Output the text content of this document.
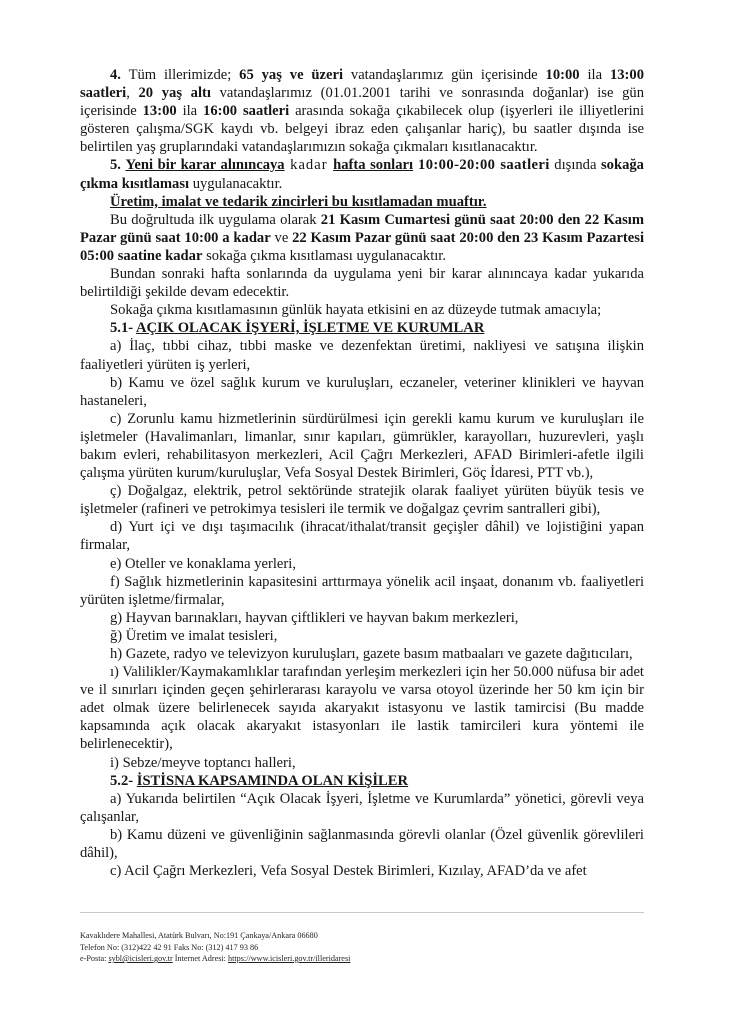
4. Tüm illerimizde; 65 yaş ve üzeri vatandaşlarımız gün içerisinde 10:00 ila 13:00 saatleri, 20 yaş altı vatandaşlarımız (01.01.2001 tarihi ve sonrasında doğanlar) ise gün içerisinde 13:00 ila 16:00 saatleri arasında sokağa çıkabilecek olup (işyerleri ile illiyetlerini gösteren çalışma/SGK kaydı vb. belgeyi ibraz eden çalışanlar hariç), bu saatler dışında ise belirtilen yaş gruplarındaki vatandaşlarımızın sokağa çıkmaları kısıtlanacaktır.

5. Yeni bir karar alınıncaya kadar hafta sonları 10:00-20:00 saatleri dışında sokağa çıkma kısıtlaması uygulanacaktır.

Üretim, imalat ve tedarik zincirleri bu kısıtlamadan muaftır.

Bu doğrultuda ilk uygulama olarak 21 Kasım Cumartesi günü saat 20:00 den 22 Kasım Pazar günü saat 10:00 a kadar ve 22 Kasım Pazar günü saat 20:00 den 23 Kasım Pazartesi 05:00 saatine kadar sokağa çıkma kısıtlaması uygulanacaktır.

Bundan sonraki hafta sonlarında da uygulama yeni bir karar alınıncaya kadar yukarıda belirtildiği şekilde devam edecektir.

Sokağa çıkma kısıtlamasının günlük hayata etkisini en az düzeyde tutmak amacıyla;

5.1- AÇIK OLACAK İŞYERİ, İŞLETME VE KURUMLAR

a) İlaç, tıbbi cihaz, tıbbi maske ve dezenfektan üretimi, nakliyesi ve satışına ilişkin faaliyetleri yürüten iş yerleri,

b) Kamu ve özel sağlık kurum ve kuruluşları, eczaneler, veteriner klinikleri ve hayvan hastaneleri,

c) Zorunlu kamu hizmetlerinin sürdürülmesi için gerekli kamu kurum ve kuruluşları ile işletmeler (Havalimanları, limanlar, sınır kapıları, gümrükler, karayolları, huzurevleri, yaşlı bakım evleri, rehabilitasyon merkezleri, Acil Çağrı Merkezleri, AFAD Birimleri-afetle ilgili çalışma yürüten kurum/kuruluşlar, Vefa Sosyal Destek Birimleri, Göç İdaresi, PTT vb.),

ç) Doğalgaz, elektrik, petrol sektöründe stratejik olarak faaliyet yürüten büyük tesis ve işletmeler (rafineri ve petrokimya tesisleri ile termik ve doğalgaz çevrim santralleri gibi),

d) Yurt içi ve dışı taşımacılık (ihracat/ithalat/transit geçişler dâhil) ve lojistiğini yapan firmalar,

e) Oteller ve konaklama yerleri,

f) Sağlık hizmetlerinin kapasitesini arttırmaya yönelik acil inşaat, donanım vb. faaliyetleri yürüten işletme/firmalar,

g) Hayvan barınakları, hayvan çiftlikleri ve hayvan bakım merkezleri,

ğ) Üretim ve imalat tesisleri,

h) Gazete, radyo ve televizyon kuruluşları, gazete basım matbaaları ve gazete dağıtıcıları,

ı) Valilikler/Kaymakamlıklar tarafından yerleşim merkezleri için her 50.000 nüfusa bir adet ve il sınırları içinden geçen şehirlerarası karayolu ve varsa otoyol üzerinde her 50 km için bir adet olmak üzere belirlenecek sayıda akaryakıt istasyonu ve lastik tamircisi (Bu madde kapsamında açık olacak akaryakıt istasyonları ile lastik tamircileri kura yöntemi ile belirlenecektir),

i) Sebze/meyve toptancı halleri,

5.2- İSTİSNA KAPSAMINDA OLAN KİŞİLER

a) Yukarıda belirtilen “Açık Olacak İşyeri, İşletme ve Kurumlarda” yönetici, görevli veya çalışanlar,

b) Kamu düzeni ve güvenliğinin sağlanmasında görevli olanlar (Özel güvenlik görevlileri dâhil),

c) Acil Çağrı Merkezleri, Vefa Sosyal Destek Birimleri, Kızılay, AFAD’da ve afet

Kavaklıdere Mahallesi, Atatürk Bulvarı, No:191 Çankaya/Ankara 06680
Telefon No: (312)422 42 91 Faks No: (312) 417 93 86
e-Posta: sybl@icisleri.gov.tr İnternet Adresi: https://www.icisleri.gov.tr/illeridaresi
